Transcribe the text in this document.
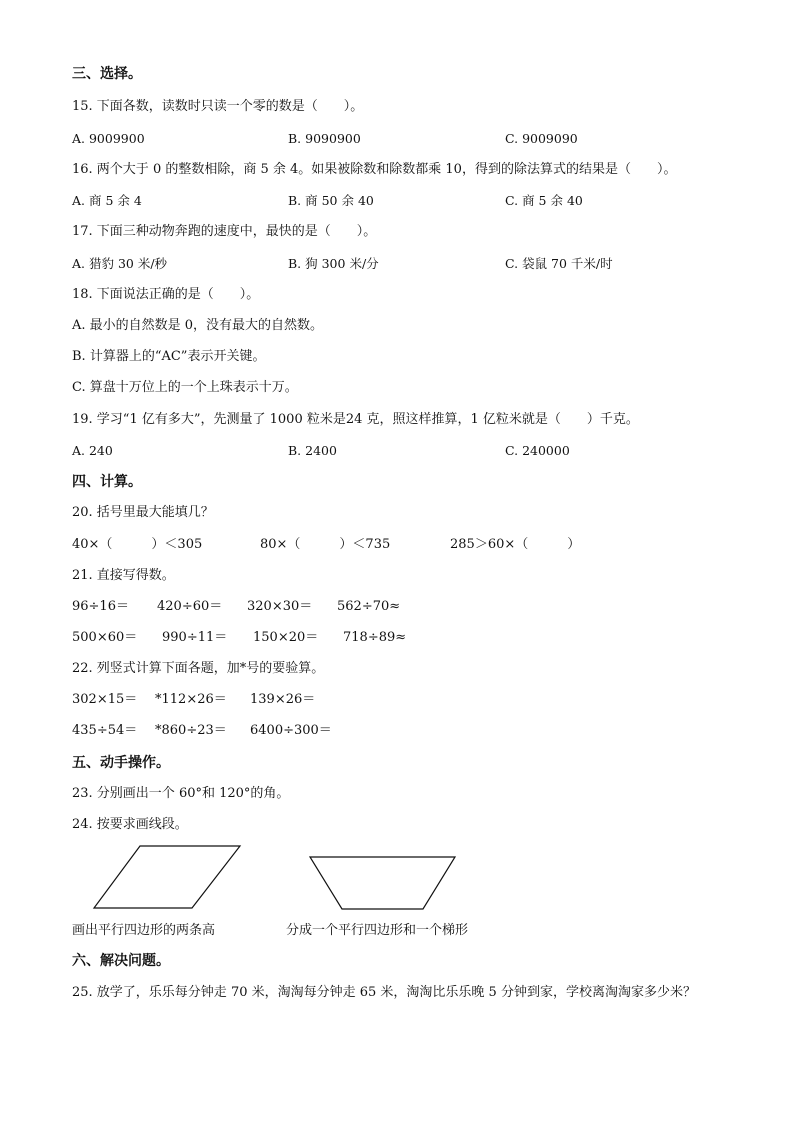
三、选择。
15. 下面各数，读数时只读一个零的数是（　　）。
A. 9009900	B. 9090900	C. 9009090
16. 两个大于 0 的整数相除，商 5 余 4。如果被除数和除数都乘 10，得到的除法算式的结果是（　　）。
A. 商 5 余 4	B. 商 50 余 40	C. 商 5 余 40
17. 下面三种动物奔跑的速度中，最快的是（　　）。
A. 猎豹 30 米/秒	B. 狗 300 米/分	C. 袋鼠 70 千米/时
18. 下面说法正确的是（　　）。
A. 最小的自然数是 0，没有最大的自然数。
B. 计算器上的“AC”表示开关键。
C. 算盘十万位上的一个上珠表示十万。
19. 学习“1 亿有多大”，先测量了 1000 粒米是24 克，照这样推算，1 亿粒米就是（　　）千克。
A. 240	B. 2400	C. 240000
四、计算。
20. 括号里最大能填几？
40×（　　　）＜305	80×（　　　）＜735	285＞60×（　　　）
21. 直接写得数。
96÷16＝ 420÷60＝ 320×30＝ 562÷70≈
500×60＝ 990÷11＝ 150×20＝ 718÷89≈
22. 列竖式计算下面各题，加*号的要验算。
302×15＝ *112×26＝ 139×26＝
435÷54＝ *860÷23＝ 6400÷300＝
五、动手操作。
23. 分别画出一个 60°和 120°的角。
24. 按要求画线段。
画出平行四边形的两条高	分成一个平行四边形和一个梯形
六、解决问题。
25. 放学了，乐乐每分钟走 70 米，淘淘每分钟走 65 米，淘淘比乐乐晚 5 分钟到家，学校离淘淘家多少米？
